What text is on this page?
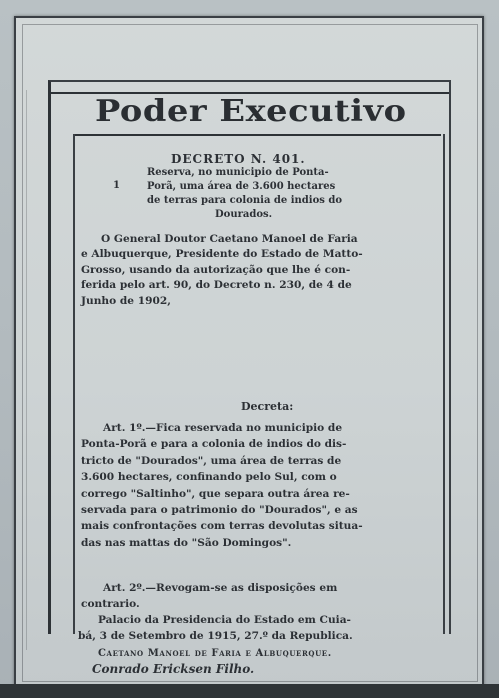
Poder Executivo
DECRETO N. 401.
1
Reserva, no municipio de Ponta-
Porã, uma área de 3.600 hectares
de terras para colonia de indios do
Dourados.
O General Doutor Caetano Manoel de Faria
e Albuquerque, Presidente do Estado de Matto-
Grosso, usando da autorização que lhe é con-
ferida pelo art. 90, do Decreto n. 230, de 4 de
Junho de 1902,
Decreta:
Art. 1º.—Fica reservada no municipio de
Ponta-Porã e para a colonia de indios do dis-
tricto de "Dourados", uma área de terras de
3.600 hectares, confinando pelo Sul, com o
corrego "Saltinho", que separa outra área re-
servada para o patrimonio do "Dourados", e as
mais confrontações com terras devolutas situa-
das nas mattas do "São Domingos".
Art. 2º.—Revogam-se as disposições em
contrario.
Palacio da Presidencia do Estado em Cuia-
bá, 3 de Setembro de 1915, 27.º da Republica.
Caetano Manoel de Faria e Albuquerque.
Conrado Ericksen Filho.
